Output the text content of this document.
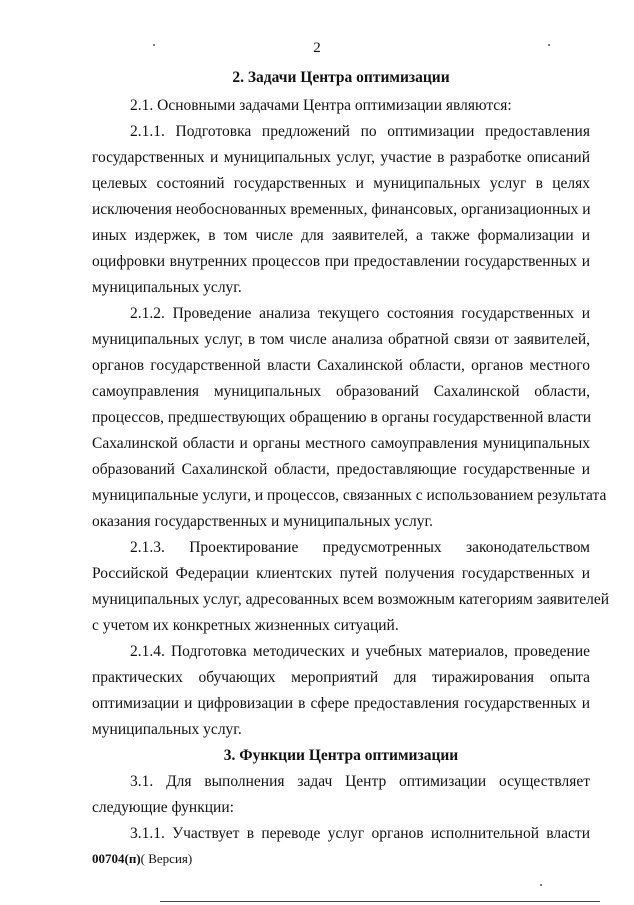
2
2. Задачи Центра оптимизации
2.1. Основными задачами Центра оптимизации являются:
2.1.1. Подготовка предложений по оптимизации предоставления
государственных и муниципальных услуг, участие в разработке описаний
целевых состояний государственных и муниципальных услуг в целях
исключения необоснованных временных, финансовых, организационных и
иных издержек, в том числе для заявителей, а также формализации и
оцифровки внутренних процессов при предоставлении государственных и
муниципальных услуг.
2.1.2. Проведение анализа текущего состояния государственных и
муниципальных услуг, в том числе анализа обратной связи от заявителей,
органов государственной власти Сахалинской области, органов местного
самоуправления муниципальных образований Сахалинской области,
процессов, предшествующих обращению в органы государственной власти
Сахалинской области и органы местного самоуправления муниципальных
образований Сахалинской области, предоставляющие государственные и
муниципальные услуги, и процессов, связанных с использованием результата
оказания государственных и муниципальных услуг.
2.1.3. Проектирование предусмотренных законодательством
Российской Федерации клиентских путей получения государственных и
муниципальных услуг, адресованных всем возможным категориям заявителей
с учетом их конкретных жизненных ситуаций.
2.1.4. Подготовка методических и учебных материалов, проведение
практических обучающих мероприятий для тиражирования опыта
оптимизации и цифровизации в сфере предоставления государственных и
муниципальных услуг.
3. Функции Центра оптимизации
3.1. Для выполнения задач Центр оптимизации осуществляет
следующие функции:
3.1.1. Участвует в переводе услуг органов исполнительной власти
00704(п)( Версия)
